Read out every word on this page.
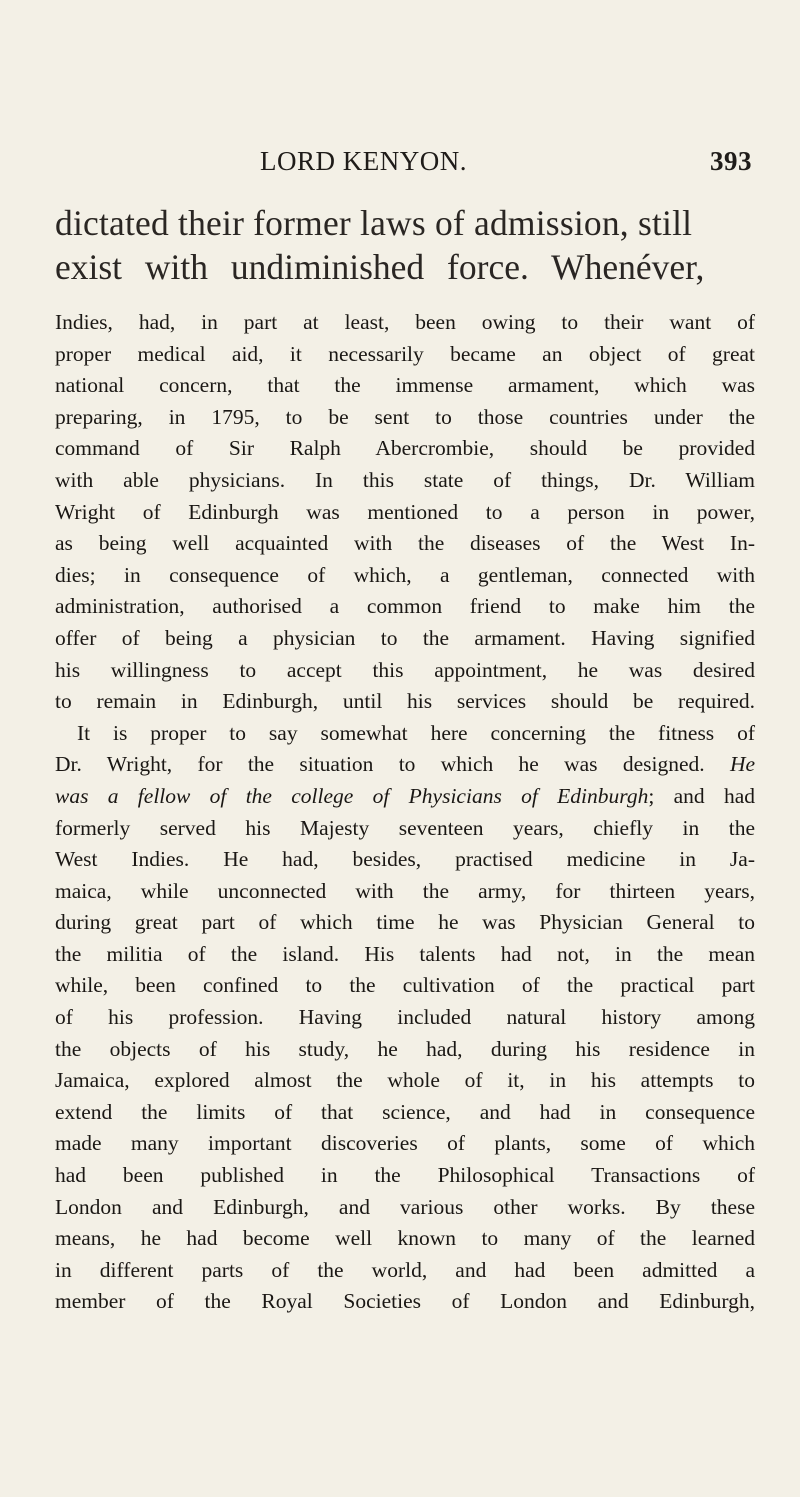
LORD KENYON.	393
dictated their former laws of admission, still
exist with undiminished force. Whenéver,
Indies, had, in part at least, been owing to their want of
proper medical aid, it necessarily became an object of great
national concern, that the immense armament, which was
preparing, in 1795, to be sent to those countries under the
command of Sir Ralph Abercrombie, should be provided
with able physicians. In this state of things, Dr. William
Wright of Edinburgh was mentioned to a person in power,
as being well acquainted with the diseases of the West In-
dies; in consequence of which, a gentleman, connected with
administration, authorised a common friend to make him the
offer of being a physician to the armament. Having signified
his willingness to accept this appointment, he was desired
to remain in Edinburgh, until his services should be required.
It is proper to say somewhat here concerning the fitness of
Dr. Wright, for the situation to which he was designed. He
was a fellow of the college of Physicians of Edinburgh; and had
formerly served his Majesty seventeen years, chiefly in the
West Indies. He had, besides, practised medicine in Ja-
maica, while unconnected with the army, for thirteen years,
during great part of which time he was Physician General to
the militia of the island. His talents had not, in the mean
while, been confined to the cultivation of the practical part
of his profession. Having included natural history among
the objects of his study, he had, during his residence in
Jamaica, explored almost the whole of it, in his attempts to
extend the limits of that science, and had in consequence
made many important discoveries of plants, some of which
had been published in the Philosophical Transactions of
London and Edinburgh, and various other works. By these
means, he had become well known to many of the learned
in different parts of the world, and had been admitted a
member of the Royal Societies of London and Edinburgh,
